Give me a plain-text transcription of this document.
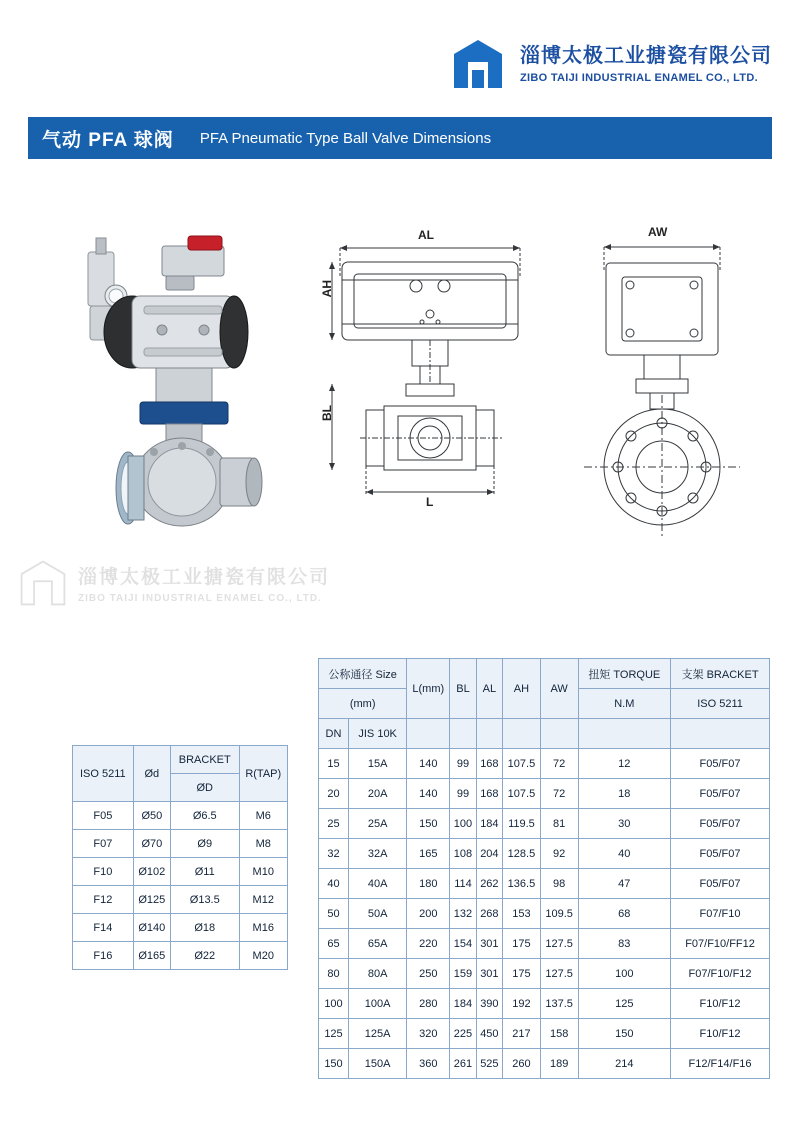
淄博太极工业搪瓷有限公司
ZIBO TAIJI INDUSTRIAL ENAMEL CO., LTD.
气动 PFA 球阀 PFA Pneumatic Type Ball Valve Dimensions
AL
AH
BL
L
AW
淄博太极工业搪瓷有限公司
ZIBO TAIJI INDUSTRIAL ENAMEL CO., LTD.
ISO 5211	Ød	BRACKET	R(TAP)
		ØD	
F05	Ø50	Ø6.5	M6
F07	Ø70	Ø9	M8
F10	Ø102	Ø11	M10
F12	Ø125	Ø13.5	M12
F14	Ø140	Ø18	M16
F16	Ø165	Ø22	M20
公称通径 Size		L(mm)	BL	AL	AH	AW	扭矩 TORQUE	支架 BRACKET
(mm)							N.M	ISO 5211
DN	JIS 10K							
15	15A	140	99	168	107.5	72	12	F05/F07
20	20A	140	99	168	107.5	72	18	F05/F07
25	25A	150	100	184	119.5	81	30	F05/F07
32	32A	165	108	204	128.5	92	40	F05/F07
40	40A	180	114	262	136.5	98	47	F05/F07
50	50A	200	132	268	153	109.5	68	F07/F10
65	65A	220	154	301	175	127.5	83	F07/F10/FF12
80	80A	250	159	301	175	127.5	100	F07/F10/F12
100	100A	280	184	390	192	137.5	125	F10/F12
125	125A	320	225	450	217	158	150	F10/F12
150	150A	360	261	525	260	189	214	F12/F14/F16
